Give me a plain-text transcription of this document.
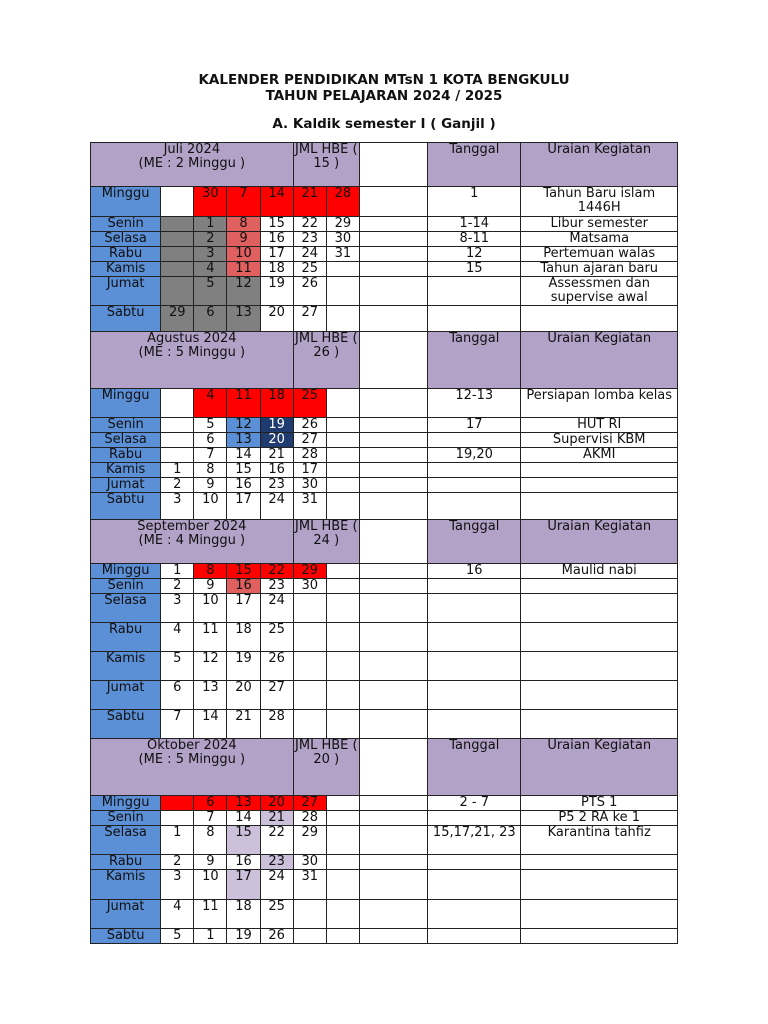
KALENDER PENDIDIKAN MTsN 1 KOTA BENGKULU
TAHUN PELAJARAN 2024 / 2025
A. Kaldik semester I ( Ganjil )
Juli 2024
(ME : 2 Minggu )					JML HBE ( 15 )			Tanggal	Uraian Kegiatan
Minggu		30	7	14	21	28		1	Tahun Baru islam 1446H
Senin		1	8	15	22	29		1-14	Libur semester
Selasa		2	9	16	23	30		8-11	Matsama
Rabu		3	10	17	24	31		12	Pertemuan walas
Kamis		4	11	18	25			15	Tahun ajaran baru
Jumat		5	12	19	26				Assessmen dan supervise awal
Sabtu	29	6	13	20	27				
Agustus 2024
(ME : 5 Minggu )					JML HBE ( 26 )			Tanggal	Uraian Kegiatan
Minggu		4	11	18	25			12-13	Persiapan lomba kelas
Senin		5	12	19	26			17	HUT RI
Selasa		6	13	20	27				Supervisi KBM
Rabu		7	14	21	28			19,20	AKMI
Kamis	1	8	15	16	17				
Jumat	2	9	16	23	30				
Sabtu	3	10	17	24	31				
September 2024
(ME : 4 Minggu )					JML HBE ( 24 )			Tanggal	Uraian Kegiatan
Minggu	1	8	15	22	29			16	Maulid nabi
Senin	2	9	16	23	30				
Selasa	3	10	17	24					
Rabu	4	11	18	25					
Kamis	5	12	19	26					
Jumat	6	13	20	27					
Sabtu	7	14	21	28					
Oktober 2024
(ME : 5 Minggu )					JML HBE ( 20 )			Tanggal	Uraian Kegiatan
Minggu		6	13	20	27			2 - 7	PTS 1
Senin		7	14	21	28				P5 2 RA ke 1
Selasa	1	8	15	22	29			15,17,21, 23	Karantina tahfiz
Rabu	2	9	16	23	30				
Kamis	3	10	17	24	31				
Jumat	4	11	18	25					
Sabtu	5	1	19	26					
